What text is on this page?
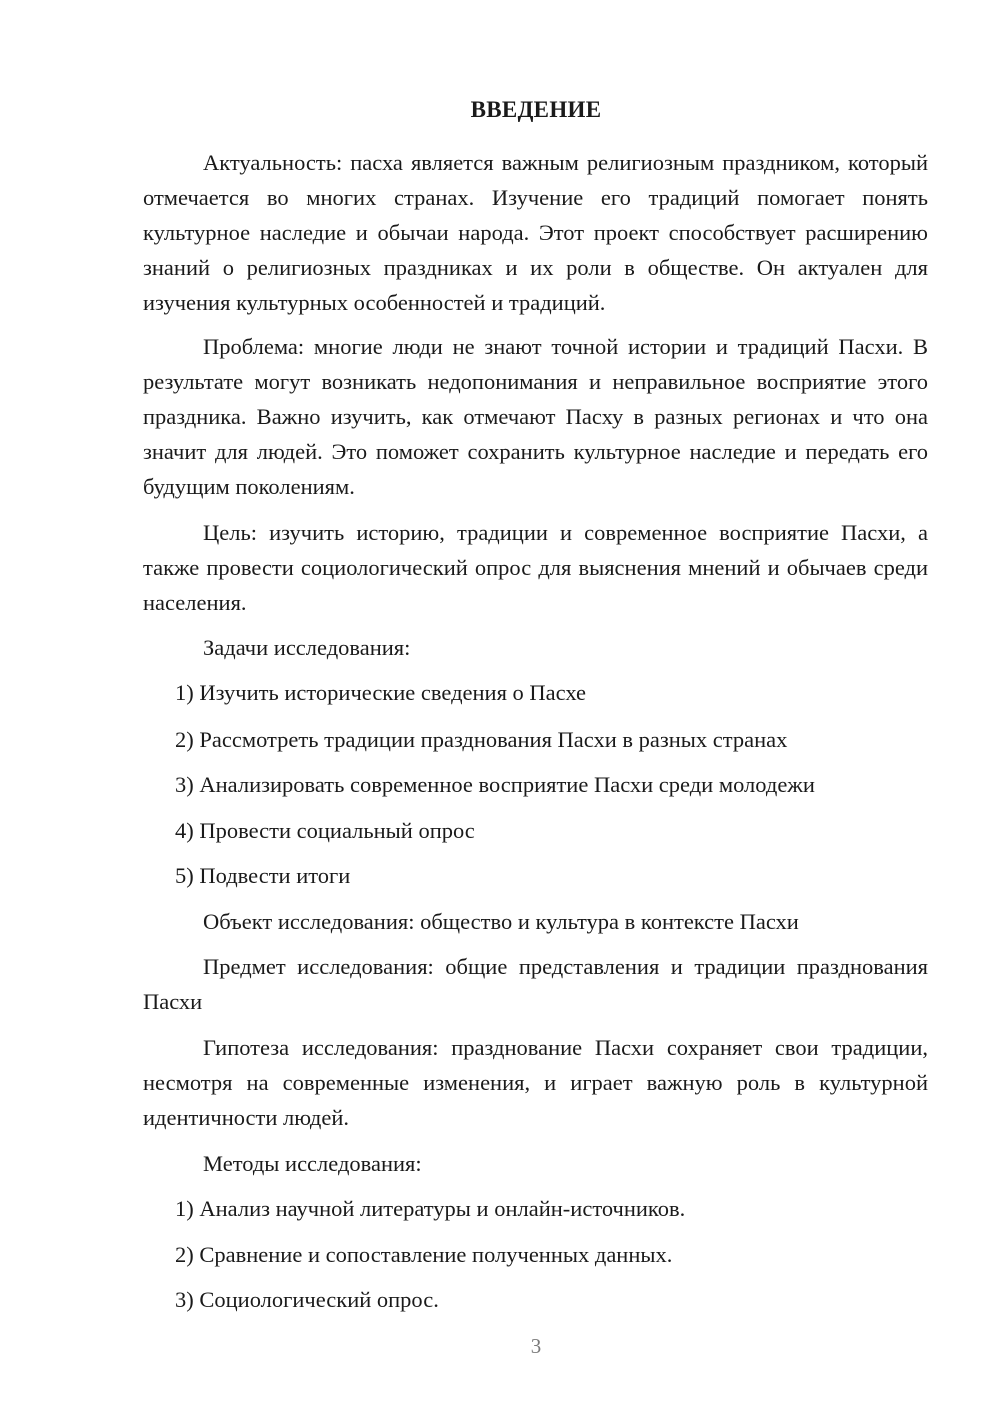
ВВЕДЕНИЕ

Актуальность: пасха является важным религиозным праздником, который отмечается во многих странах. Изучение его традиций помогает понять культурное наследие и обычаи народа. Этот проект способствует расширению знаний о религиозных праздниках и их роли в обществе. Он актуален для изучения культурных особенностей и традиций.

Проблема: многие люди не знают точной истории и традиций Пасхи. В результате могут возникать недопонимания и неправильное восприятие этого праздника. Важно изучить, как отмечают Пасху в разных регионах и что она значит для людей. Это поможет сохранить культурное наследие и передать его будущим поколениям.

Цель: изучить историю, традиции и современное восприятие Пасхи, а также провести социологический опрос для выяснения мнений и обычаев среди населения.

Задачи исследования:

1) Изучить исторические сведения о Пасхе

2) Рассмотреть традиции празднования Пасхи в разных странах

3) Анализировать современное восприятие Пасхи среди молодежи

4) Провести социальный опрос

5) Подвести итоги

Объект исследования: общество и культура в контексте Пасхи

Предмет исследования: общие представления и традиции празднования Пасхи

Гипотеза исследования: празднование Пасхи сохраняет свои традиции, несмотря на современные изменения, и играет важную роль в культурной идентичности людей.

Методы исследования:

1) Анализ научной литературы и онлайн-источников.

2) Сравнение и сопоставление полученных данных.

3) Социологический опрос.

3
